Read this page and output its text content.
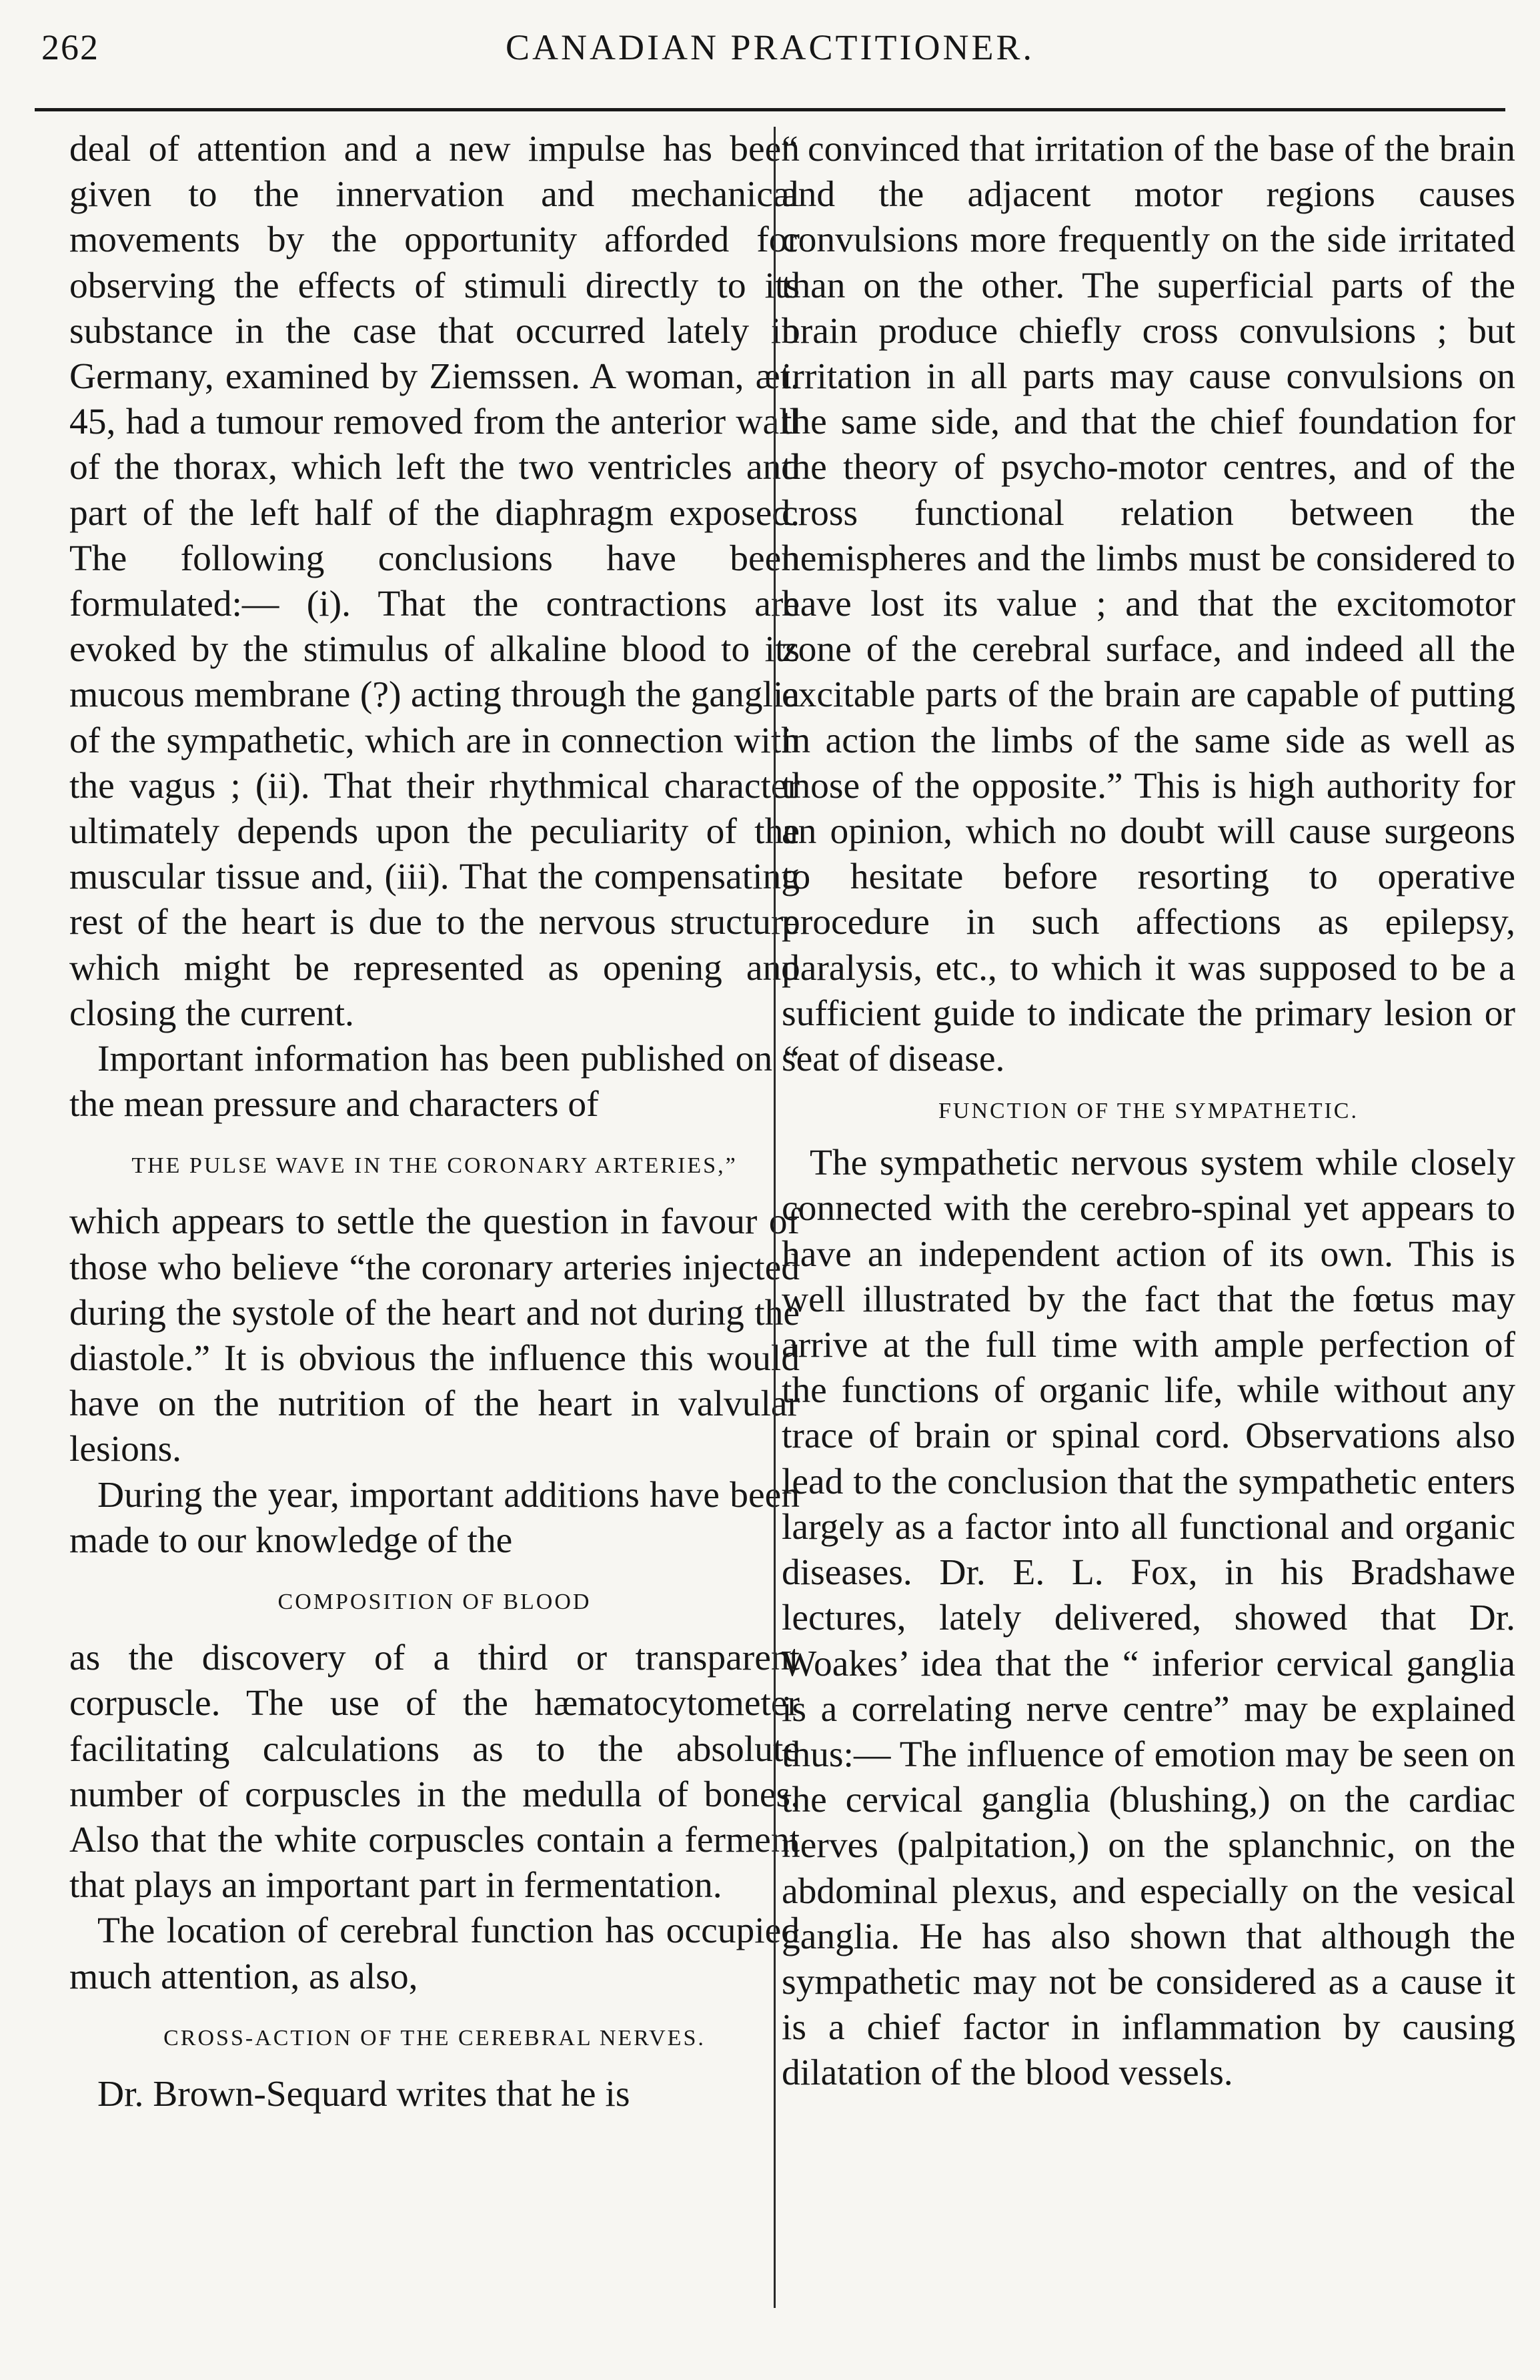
262	CANADIAN PRACTITIONER.

deal of attention and a new impulse has been given to the innervation and mechanical movements by the opportunity afforded for observing the effects of stimuli directly to its substance in the case that occurred lately in Germany, examined by Ziemssen. A woman, æt. 45, had a tumour removed from the anterior wall of the thorax, which left the two ventricles and part of the left half of the diaphragm exposed. The following conclusions have been formulated:— (i). That the contractions are evoked by the stimulus of alkaline blood to its mucous membrane (?) acting through the ganglia of the sympathetic, which are in connection with the vagus ; (ii). That their rhythmical character ultimately depends upon the peculiarity of the muscular tissue and, (iii). That the compensating rest of the heart is due to the nervous structure which might be represented as opening and closing the current.

Important information has been published on “ the mean pressure and characters of

THE PULSE WAVE IN THE CORONARY ARTERIES,”

which appears to settle the question in favour of those who believe “the coronary arteries injected during the systole of the heart and not during the diastole.” It is obvious the influence this would have on the nutrition of the heart in valvular lesions.

During the year, important additions have been made to our knowledge of the

COMPOSITION OF BLOOD

as the discovery of a third or transparent corpuscle. The use of the hæmatocytometer facilitating calculations as to the absolute number of corpuscles in the medulla of bones. Also that the white corpuscles contain a ferment that plays an important part in fermentation.

The location of cerebral function has occupied much attention, as also,

CROSS-ACTION OF THE CEREBRAL NERVES.

Dr. Brown-Sequard writes that he is

“ convinced that irritation of the base of the brain and the adjacent motor regions causes convulsions more frequently on the side irritated than on the other. The superficial parts of the brain produce chiefly cross convulsions ; but irritation in all parts may cause convulsions on the same side, and that the chief foundation for the theory of psycho-motor centres, and of the cross functional relation between the hemispheres and the limbs must be considered to have lost its value ; and that the excitomotor zone of the cerebral surface, and indeed all the excitable parts of the brain are capable of putting in action the limbs of the same side as well as those of the opposite.” This is high authority for an opinion, which no doubt will cause surgeons to hesitate before resorting to operative procedure in such affections as epilepsy, paralysis, etc., to which it was supposed to be a sufficient guide to indicate the primary lesion or seat of disease.

FUNCTION OF THE SYMPATHETIC.

The sympathetic nervous system while closely connected with the cerebro-spinal yet appears to have an independent action of its own. This is well illustrated by the fact that the fœtus may arrive at the full time with ample perfection of the functions of organic life, while without any trace of brain or spinal cord. Observations also lead to the conclusion that the sympathetic enters largely as a factor into all functional and organic diseases. Dr. E. L. Fox, in his Bradshawe lectures, lately delivered, showed that Dr. Woakes’ idea that the “ inferior cervical ganglia is a correlating nerve centre” may be explained thus:— The influence of emotion may be seen on the cervical ganglia (blushing,) on the cardiac nerves (palpitation,) on the splanchnic, on the abdominal plexus, and especially on the vesical ganglia. He has also shown that although the sympathetic may not be considered as a cause it is a chief factor in inflammation by causing dilatation of the blood vessels.
